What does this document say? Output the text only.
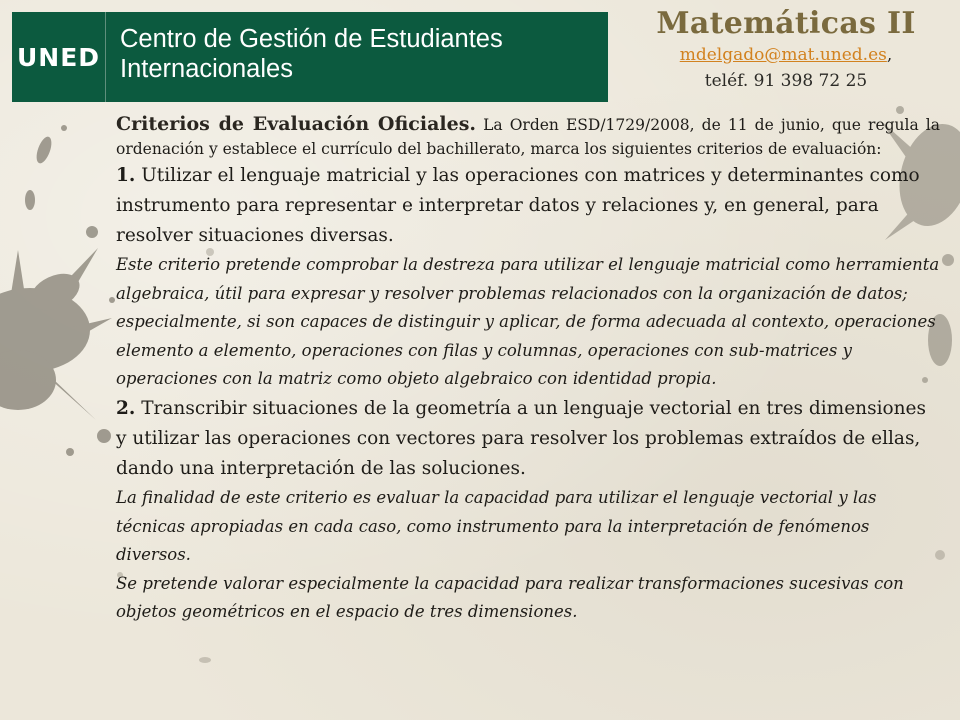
UNED
Centro de Gestión de Estudiantes
Internacionales
Matemáticas II
mdelgado@mat.uned.es,
teléf. 91 398 72 25

Criterios de Evaluación Oficiales. La Orden ESD/1729/2008, de 11 de junio, que regula la ordenación y establece el currículo del bachillerato, marca los siguientes criterios de evaluación:

1. Utilizar el lenguaje matricial y las operaciones con matrices y determinantes como instrumento para representar e interpretar datos y relaciones y, en general, para resolver situaciones diversas.

Este criterio pretende comprobar la destreza para utilizar el lenguaje matricial como herramienta algebraica, útil para expresar y resolver problemas relacionados con la organización de datos; especialmente, si son capaces de distinguir y aplicar, de forma adecuada al contexto, operaciones elemento a elemento, operaciones con filas y columnas, operaciones con sub-matrices y operaciones con la matriz como objeto algebraico con identidad propia.

2. Transcribir situaciones de la geometría a un lenguaje vectorial en tres dimensiones y utilizar las operaciones con vectores para resolver los problemas extraídos de ellas, dando una interpretación de las soluciones.

La finalidad de este criterio es evaluar la capacidad para utilizar el lenguaje vectorial y las técnicas apropiadas en cada caso, como instrumento para la interpretación de fenómenos diversos.

Se pretende valorar especialmente la capacidad para realizar transformaciones sucesivas con objetos geométricos en el espacio de tres dimensiones.
